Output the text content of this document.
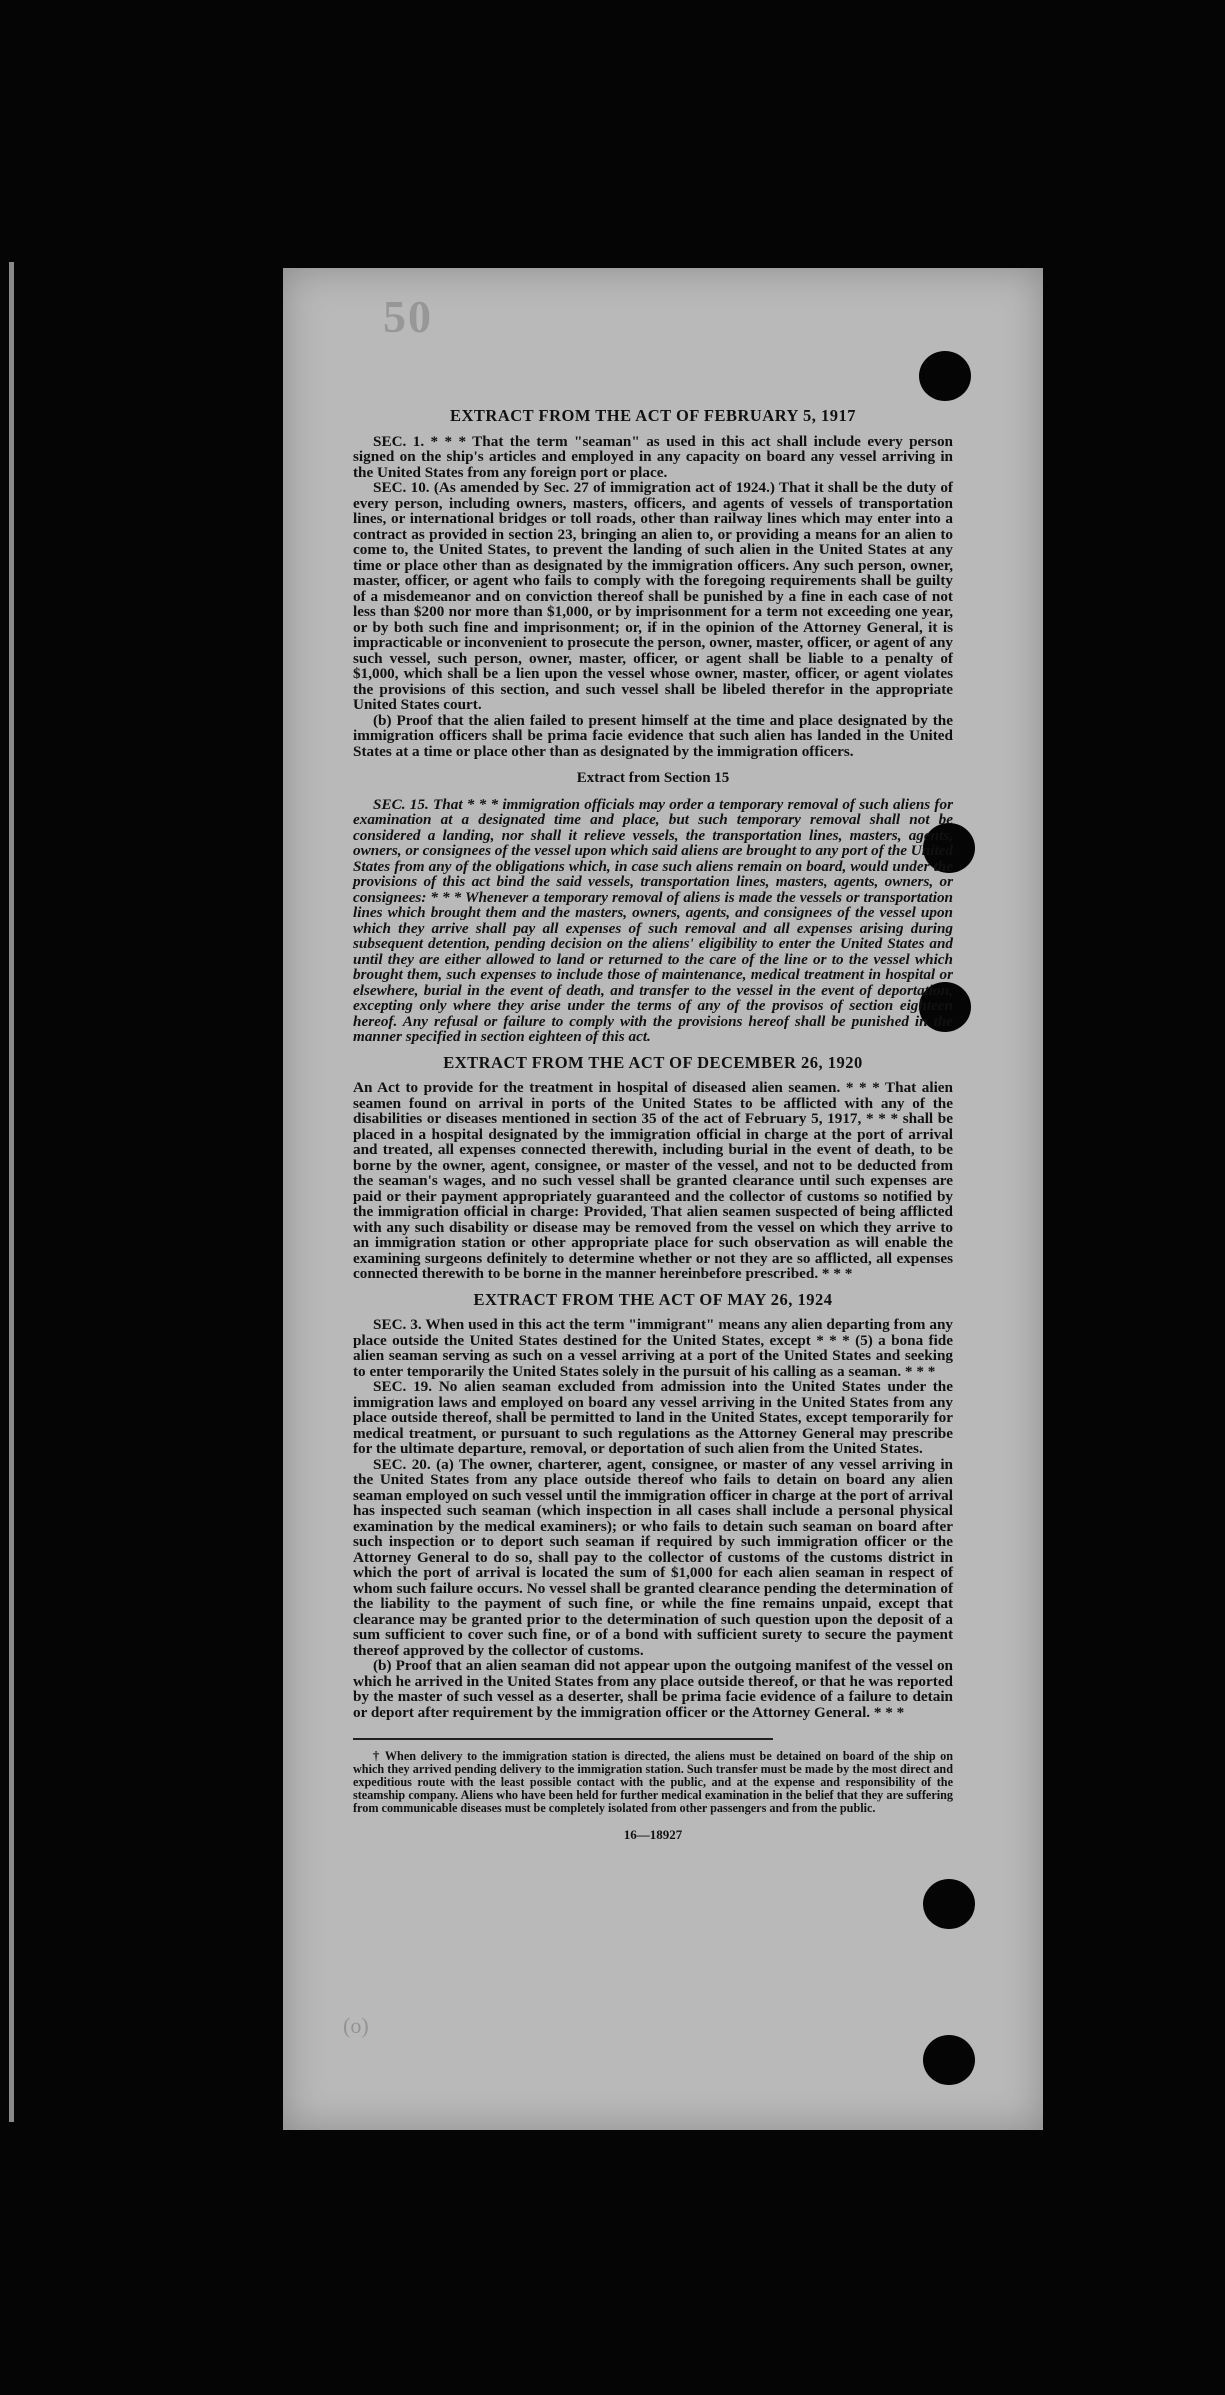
50
EXTRACT FROM THE ACT OF FEBRUARY 5, 1917

SEC. 1. * * * That the term "seaman" as used in this act shall include every person signed on the ship's articles and employed in any capacity on board any vessel arriving in the United States from any foreign port or place.

SEC. 10. (As amended by Sec. 27 of immigration act of 1924.) That it shall be the duty of every person, including owners, masters, officers, and agents of vessels of transportation lines, or international bridges or toll roads, other than railway lines which may enter into a contract as provided in section 23, bringing an alien to, or providing a means for an alien to come to, the United States, to prevent the landing of such alien in the United States at any time or place other than as designated by the immigration officers. Any such person, owner, master, officer, or agent who fails to comply with the foregoing requirements shall be guilty of a misdemeanor and on conviction thereof shall be punished by a fine in each case of not less than $200 nor more than $1,000, or by imprisonment for a term not exceeding one year, or by both such fine and imprisonment; or, if in the opinion of the Attorney General, it is impracticable or inconvenient to prosecute the person, owner, master, officer, or agent of any such vessel, such person, owner, master, officer, or agent shall be liable to a penalty of $1,000, which shall be a lien upon the vessel whose owner, master, officer, or agent violates the provisions of this section, and such vessel shall be libeled therefor in the appropriate United States court.

(b) Proof that the alien failed to present himself at the time and place designated by the immigration officers shall be prima facie evidence that such alien has landed in the United States at a time or place other than as designated by the immigration officers.

Extract from Section 15

SEC. 15. That * * * immigration officials may order a temporary removal of such aliens for examination at a designated time and place, but such temporary removal shall not be considered a landing, nor shall it relieve vessels, the transportation lines, masters, agents, owners, or consignees of the vessel upon which said aliens are brought to any port of the United States from any of the obligations which, in case such aliens remain on board, would under the provisions of this act bind the said vessels, transportation lines, masters, agents, owners, or consignees: * * * Whenever a temporary removal of aliens is made the vessels or transportation lines which brought them and the masters, owners, agents, and consignees of the vessel upon which they arrive shall pay all expenses of such removal and all expenses arising during subsequent detention, pending decision on the aliens' eligibility to enter the United States and until they are either allowed to land or returned to the care of the line or to the vessel which brought them, such expenses to include those of maintenance, medical treatment in hospital or elsewhere, burial in the event of death, and transfer to the vessel in the event of deportation, excepting only where they arise under the terms of any of the provisos of section eighteen hereof. Any refusal or failure to comply with the provisions hereof shall be punished in the manner specified in section eighteen of this act.

EXTRACT FROM THE ACT OF DECEMBER 26, 1920

An Act to provide for the treatment in hospital of diseased alien seamen. * * * That alien seamen found on arrival in ports of the United States to be afflicted with any of the disabilities or diseases mentioned in section 35 of the act of February 5, 1917, * * * shall be placed in a hospital designated by the immigration official in charge at the port of arrival and treated, all expenses connected therewith, including burial in the event of death, to be borne by the owner, agent, consignee, or master of the vessel, and not to be deducted from the seaman's wages, and no such vessel shall be granted clearance until such expenses are paid or their payment appropriately guaranteed and the collector of customs so notified by the immigration official in charge: Provided, That alien seamen suspected of being afflicted with any such disability or disease may be removed from the vessel on which they arrive to an immigration station or other appropriate place for such observation as will enable the examining surgeons definitely to determine whether or not they are so afflicted, all expenses connected therewith to be borne in the manner hereinbefore prescribed. * * *

EXTRACT FROM THE ACT OF MAY 26, 1924

SEC. 3. When used in this act the term "immigrant" means any alien departing from any place outside the United States destined for the United States, except * * * (5) a bona fide alien seaman serving as such on a vessel arriving at a port of the United States and seeking to enter temporarily the United States solely in the pursuit of his calling as a seaman. * * *

SEC. 19. No alien seaman excluded from admission into the United States under the immigration laws and employed on board any vessel arriving in the United States from any place outside thereof, shall be permitted to land in the United States, except temporarily for medical treatment, or pursuant to such regulations as the Attorney General may prescribe for the ultimate departure, removal, or deportation of such alien from the United States.

SEC. 20. (a) The owner, charterer, agent, consignee, or master of any vessel arriving in the United States from any place outside thereof who fails to detain on board any alien seaman employed on such vessel until the immigration officer in charge at the port of arrival has inspected such seaman (which inspection in all cases shall include a personal physical examination by the medical examiners); or who fails to detain such seaman on board after such inspection or to deport such seaman if required by such immigration officer or the Attorney General to do so, shall pay to the collector of customs of the customs district in which the port of arrival is located the sum of $1,000 for each alien seaman in respect of whom such failure occurs. No vessel shall be granted clearance pending the determination of the liability to the payment of such fine, or while the fine remains unpaid, except that clearance may be granted prior to the determination of such question upon the deposit of a sum sufficient to cover such fine, or of a bond with sufficient surety to secure the payment thereof approved by the collector of customs.

(b) Proof that an alien seaman did not appear upon the outgoing manifest of the vessel on which he arrived in the United States from any place outside thereof, or that he was reported by the master of such vessel as a deserter, shall be prima facie evidence of a failure to detain or deport after requirement by the immigration officer or the Attorney General. * * *

† When delivery to the immigration station is directed, the aliens must be detained on board of the ship on which they arrived pending delivery to the immigration station. Such transfer must be made by the most direct and expeditious route with the least possible contact with the public, and at the expense and responsibility of the steamship company. Aliens who have been held for further medical examination in the belief that they are suffering from communicable diseases must be completely isolated from other passengers and from the public.

16—18927
(o)
